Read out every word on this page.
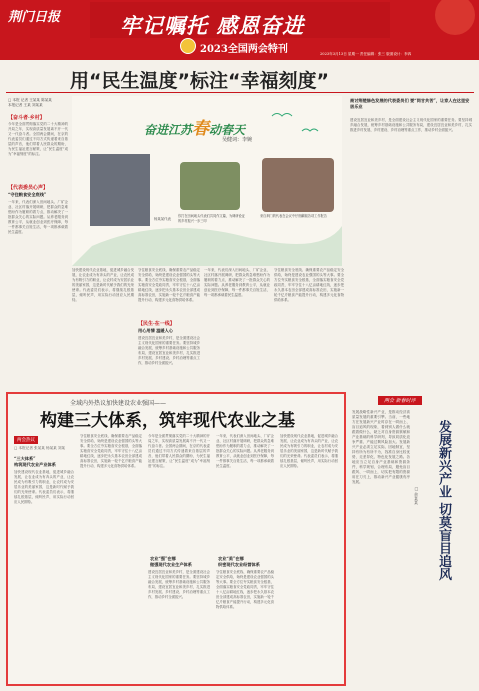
荆门日报	牢记嘱托 感恩奋进
2023全国两会特刊	2023年3月13日 星期一 责任编辑：张三 版面设计：李四
用“民生温度”标注“幸福刻度”
□ 本报 记者 王某某 陈某某
本报记者 王某 刘某某
【奋斗者·乡村】
今年是全面贯彻落实党的二十大精神的开局之年，实现高质量发展离不开一代又一代奋斗者。全国两会期间，在京的代表委员们通过不同方式传递着来自基层的声音，他们带着人民群众的期盼，为民生福祉建言献策，让“民生温度”成为“幸福刻度”的标注。
【代表委员心声】
“守住粮食安全底线”
一年来，代表们深入田间地头、厂矿企业、社区村落开展调研，把群众的急难愁盼作为履职的着力点，推动解决了一批群众关心的实际问题。从养老服务到教育公平，从就业创业到医疗保障，每一件都事关百姓生活，每一项都承载着民生温度。
奋进江苏春动春天
吴健词：李婉
杨某某代表
你打在田间地头代表们共同作文篇，为调研论证的乡村振兴一步三叩
来自荆门的代表在会议中仔细翻阅各项工作报告
加快建设现代农业基地，促进城乡融合发展，让农业成为有奔头的产业，让农民成为有吸引力的职业，让农村成为安居乐业的美丽家园，这是新时代赋予我们的光荣使命。代表委员们表示，将继续扎根基层，倾听民声，用实际行动回应人民期待。
守住粮食安全底线、确保重要农产品稳定安全供给，始终是建设农业强国的头等大事。要全方位夯实粮食安全根基，全面落实粮食安全党政同责，牢牢守住十八亿亩耕地红线，逐步把永久基本农田全部建成高标准农田，实施新一轮千亿斤粮食产能提升行动，构建多元化食物供给体系。
【民生·在一线】
用心用情 温暖人心
建设宜居宜业和美乡村，是全面建设社会主义现代化国家的重要任务。要坚持城乡融合发展，统筹乡村基础设施和公共服务布局，建设宜居宜业和美乡村，扎实推进乡村发展、乡村建设、乡村治理等重点工作，推动乡村全面振兴。
一年来，代表们深入田间地头、厂矿企业、社区村落开展调研，把群众的急难愁盼作为履职的着力点，推动解决了一批群众关心的实际问题。从养老服务到教育公平，从就业创业到医疗保障，每一件都事关百姓生活，每一项都承载着民生温度。
守住粮食安全底线、确保重要农产品稳定安全供给，始终是建设农业强国的头等大事。要全方位夯实粮食安全根基，全面落实粮食安全党政同责，牢牢守住十八亿亩耕地红线，逐步把永久基本农田全部建成高标准农田，实施新一轮千亿斤粮食产能提升行动，构建多元化食物供给体系。
商讨荆楚绿色发展的代表委员们 要“同甘共苦”，让家人在这里安居乐业
建设宜居宜业和美乡村，是全面建设社会主义现代化国家的重要任务。要坚持城乡融合发展，统筹乡村基础设施和公共服务布局，建设宜居宜业和美乡村，扎实推进乡村发展、乡村建设、乡村治理等重点工作，推动乡村全面振兴。
全域内外热议加快建设农业强国——
构建三大体系，筑牢现代农业之基
两会热议
□ 本报记者 张某某 杨某某 刘某
“三大体系”
构筑现代农业产业体系
加快建设现代农业基地，促进城乡融合发展，让农业成为有奔头的产业，让农民成为有吸引力的职业，让农村成为安居乐业的美丽家园，这是新时代赋予我们的光荣使命。代表委员们表示，将继续扎根基层，倾听民声，用实际行动回应人民期待。
守住粮食安全底线、确保重要农产品稳定安全供给，始终是建设农业强国的头等大事。要全方位夯实粮食安全根基，全面落实粮食安全党政同责，牢牢守住十八亿亩耕地红线，逐步把永久基本农田全部建成高标准农田，实施新一轮千亿斤粮食产能提升行动，构建多元化食物供给体系。
今年是全面贯彻落实党的二十大精神的开局之年，实现高质量发展离不开一代又一代奋斗者。全国两会期间，在京的代表委员们通过不同方式传递着来自基层的声音，他们带着人民群众的期盼，为民生福祉建言献策，让“民生温度”成为“幸福刻度”的标注。
农业“强”在哪
做强现代农业生产体系
建设宜居宜业和美乡村，是全面建设社会主义现代化国家的重要任务。要坚持城乡融合发展，统筹乡村基础设施和公共服务布局，建设宜居宜业和美乡村，扎实推进乡村发展、乡村建设、乡村治理等重点工作，推动乡村全面振兴。
一年来，代表们深入田间地头、厂矿企业、社区村落开展调研，把群众的急难愁盼作为履职的着力点，推动解决了一批群众关心的实际问题。从养老服务到教育公平，从就业创业到医疗保障，每一件都事关百姓生活，每一项都承载着民生温度。
农业“美”在哪
织密现代农业经营体系
守住粮食安全底线、确保重要农产品稳定安全供给，始终是建设农业强国的头等大事。要全方位夯实粮食安全根基，全面落实粮食安全党政同责，牢牢守住十八亿亩耕地红线，逐步把永久基本农田全部建成高标准农田，实施新一轮千亿斤粮食产能提升行动，构建多元化食物供给体系。
加快建设现代农业基地，促进城乡融合发展，让农业成为有奔头的产业，让农民成为有吸引力的职业，让农村成为安居乐业的美丽家园，这是新时代赋予我们的光荣使命。代表委员们表示，将继续扎根基层，倾听民声，用实际行动回应人民期待。
两会 新春时评
发展新兴产业 切莫盲目追风
□ 余某某
发展战略性新兴产业，是推动经济高质量发展的重要引擎。当前，一些地方在发展新兴产业时存在一哄而上、盲目追风的现象，看到别人做什么就跟着做什么，缺乏对自身资源禀赋和产业基础的科学研判，导致同质化竞争严重、产能过剩风险加大。发展新兴产业必须立足实际、因地制宜，坚持有所为有所不为，找准自身比较优势，走差异化、特色化发展之路。各地应当立足自身产业基础和资源条件，科学规划，合理布局，避免盲目跟风、一哄而上，切实把有限的资源用在刀刃上，推动新兴产业健康有序发展。
